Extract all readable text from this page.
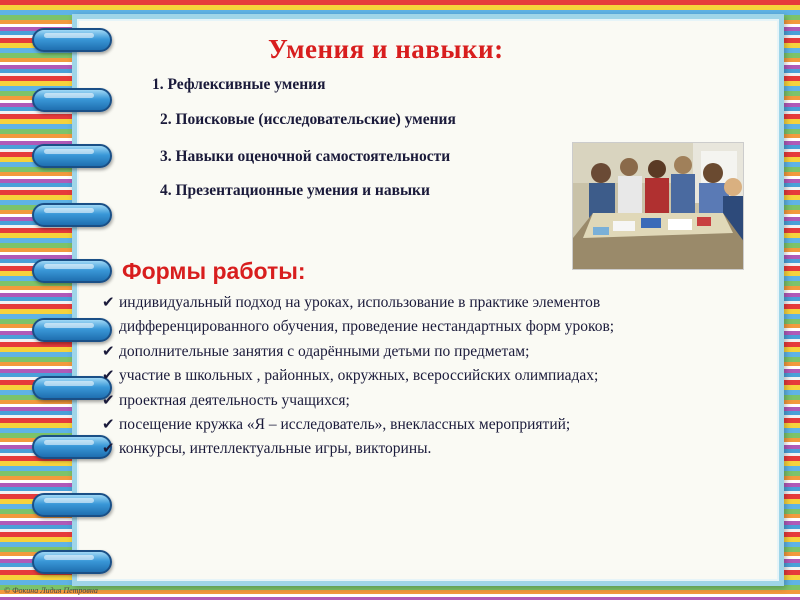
Умения и навыки:
1. Рефлексивные умения
2. Поисковые (исследовательские) умения
3. Навыки оценочной самостоятельности
4. Презентационные умения и навыки
Формы работы:
✔ индивидуальный подход на уроках, использование в практике элементов
дифференцированного обучения, проведение нестандартных форм уроков;
✔ дополнительные занятия с одарёнными детьми по предметам;
✔ участие в школьных , районных, окружных, всероссийских олимпиадах;
✔ проектная деятельность учащихся;
✔ посещение кружка «Я – исследователь», внеклассных мероприятий;
✔ конкурсы, интеллектуальные игры, викторины.
© Фокина Лидия Петровна
